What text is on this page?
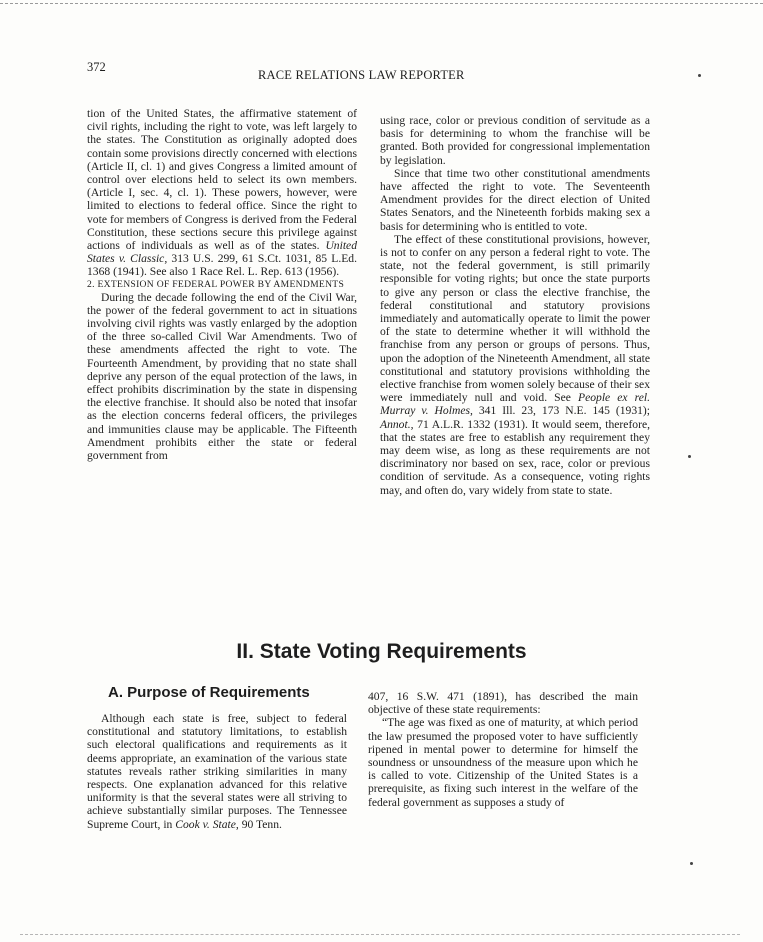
372
RACE RELATIONS LAW REPORTER

tion of the United States, the affirmative statement of civil rights, including the right to vote, was left largely to the states. The Constitution as originally adopted does contain some provisions directly concerned with elections (Article II, cl. 1) and gives Congress a limited amount of control over elections held to select its own members. (Article I, sec. 4, cl. 1). These powers, however, were limited to elections to federal office. Since the right to vote for members of Congress is derived from the Federal Constitution, these sections secure this privilege against actions of individuals as well as of the states. United States v. Classic, 313 U.S. 299, 61 S.Ct. 1031, 85 L.Ed. 1368 (1941). See also 1 Race Rel. L. Rep. 613 (1956).

2. EXTENSION OF FEDERAL POWER BY AMENDMENTS

During the decade following the end of the Civil War, the power of the federal government to act in situations involving civil rights was vastly enlarged by the adoption of the three so-called Civil War Amendments. Two of these amendments affected the right to vote. The Fourteenth Amendment, by providing that no state shall deprive any person of the equal protection of the laws, in effect prohibits discrimination by the state in dispensing the elective franchise. It should also be noted that insofar as the election concerns federal officers, the privileges and immunities clause may be applicable. The Fifteenth Amendment prohibits either the state or federal government from

using race, color or previous condition of servitude as a basis for determining to whom the franchise will be granted. Both provided for congressional implementation by legislation.

Since that time two other constitutional amendments have affected the right to vote. The Seventeenth Amendment provides for the direct election of United States Senators, and the Nineteenth forbids making sex a basis for determining who is entitled to vote.

The effect of these constitutional provisions, however, is not to confer on any person a federal right to vote. The state, not the federal government, is still primarily responsible for voting rights; but once the state purports to give any person or class the elective franchise, the federal constitutional and statutory provisions immediately and automatically operate to limit the power of the state to determine whether it will withhold the franchise from any person or groups of persons. Thus, upon the adoption of the Nineteenth Amendment, all state constitutional and statutory provisions withholding the elective franchise from women solely because of their sex were immediately null and void. See People ex rel. Murray v. Holmes, 341 Ill. 23, 173 N.E. 145 (1931); Annot., 71 A.L.R. 1332 (1931). It would seem, therefore, that the states are free to establish any requirement they may deem wise, as long as these requirements are not discriminatory nor based on sex, race, color or previous condition of servitude. As a consequence, voting rights may, and often do, vary widely from state to state.

II. State Voting Requirements
A. Purpose of Requirements

Although each state is free, subject to federal constitutional and statutory limitations, to establish such electoral qualifications and requirements as it deems appropriate, an examination of the various state statutes reveals rather striking similarities in many respects. One explanation advanced for this relative uniformity is that the several states were all striving to achieve substantially similar purposes. The Tennessee Supreme Court, in Cook v. State, 90 Tenn.

407, 16 S.W. 471 (1891), has described the main objective of these state requirements:

“The age was fixed as one of maturity, at which period the law presumed the proposed voter to have sufficiently ripened in mental power to determine for himself the soundness or unsoundness of the measure upon which he is called to vote. Citizenship of the United States is a prerequisite, as fixing such interest in the welfare of the federal government as supposes a study of
